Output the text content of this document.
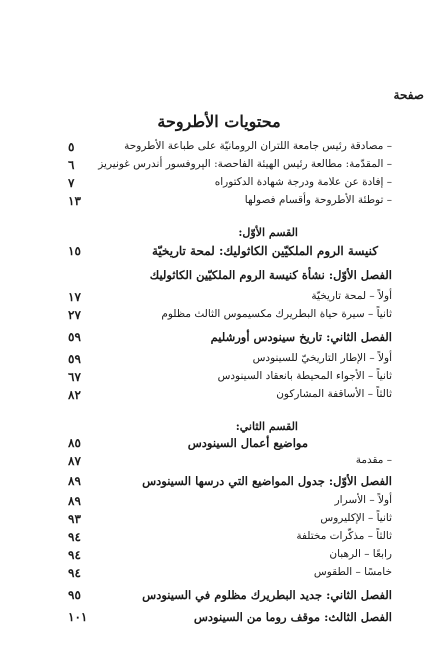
صفحة
محتويات الأطروحة
– مصادقة رئيس جامعة اللتران الرومانيّة على طباعة الأطروحة
٥
– المقدّمة: مطالعة رئيس الهيئة الفاحصة: الپروفسور أندرس غونيريز
٦
– إفادة عن علامة ودرجة شهادة الدكتوراه
٧
– توطئة الأطروحة وأقسام فصولها
١٣
القسم الأوّل:
كنيسة الروم الملكيّين الكاثوليك: لمحة تاريخيّة
١٥
الفصل الأوّل: نشأة كنيسة الروم الملكيّين الكاثوليك
أولاً – لمحة تاريخيّة
١٧
ثانياً – سيرة حياة البطريرك مكسيموس الثالث مظلوم
٢٧
الفصل الثاني: تاريخ سينودس أورشليم
٥٩
أولاً – الإطار التاريخيّ للسينودس
٥٩
ثانياً – الأجواء المحيطة بانعقاد السينودس
٦٧
ثالثاً – الأساقفة المشاركون
٨٢
القسم الثاني:
مواضيع أعمال السينودس
٨٥
– مقدمة
٨٧
الفصل الأوّل: جدول المواضيع التي درسها السينودس
٨٩
أولاً – الأسرار
٨٩
ثانياً – الإكليروس
٩٣
ثالثاً – مذكّرات مختلفة
٩٤
رابعًا – الرهبان
٩٤
خامسًا – الطقوس
٩٤
الفصل الثاني: جديد البطريرك مظلوم في السينودس
٩٥
الفصل الثالث: موقف روما من السينودس
١٠١
